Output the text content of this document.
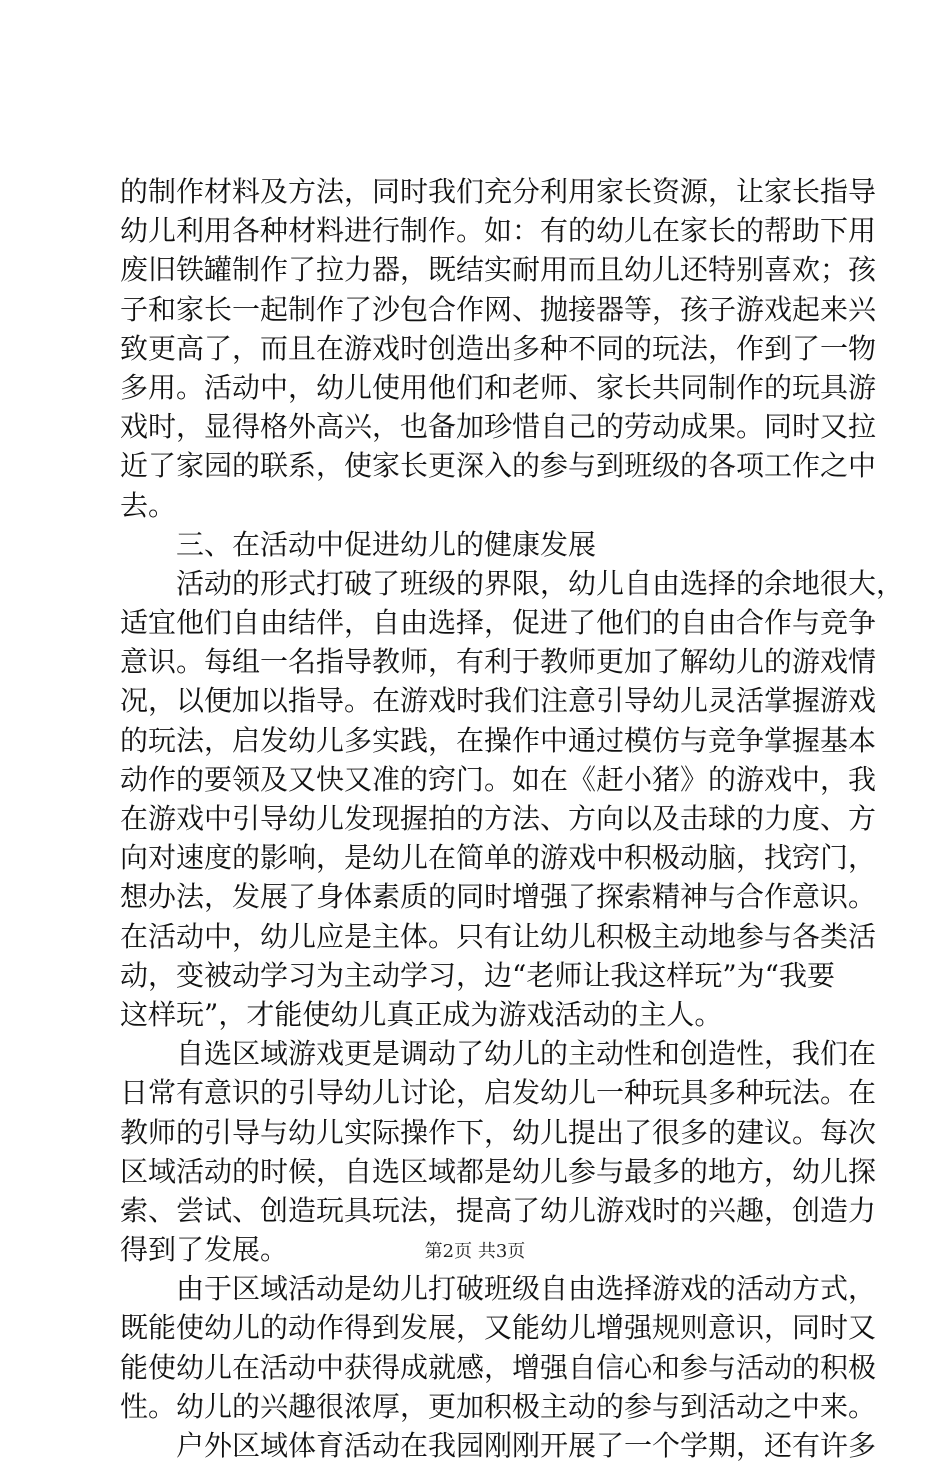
的制作材料及方法，同时我们充分利用家长资源，让家长指导
幼儿利用各种材料进行制作。如：有的幼儿在家长的帮助下用
废旧铁罐制作了拉力器，既结实耐用而且幼儿还特别喜欢；孩
子和家长一起制作了沙包合作网、抛接器等，孩子游戏起来兴
致更高了，而且在游戏时创造出多种不同的玩法，作到了一物
多用。活动中，幼儿使用他们和老师、家长共同制作的玩具游
戏时，显得格外高兴，也备加珍惜自己的劳动成果。同时又拉
近了家园的联系，使家长更深入的参与到班级的各项工作之中
去。
三、在活动中促进幼儿的健康发展
活动的形式打破了班级的界限，幼儿自由选择的余地很大，
适宜他们自由结伴，自由选择，促进了他们的自由合作与竞争
意识。每组一名指导教师，有利于教师更加了解幼儿的游戏情
况，以便加以指导。在游戏时我们注意引导幼儿灵活掌握游戏
的玩法，启发幼儿多实践，在操作中通过模仿与竞争掌握基本
动作的要领及又快又准的窍门。如在《赶小猪》的游戏中，我
在游戏中引导幼儿发现握拍的方法、方向以及击球的力度、方
向对速度的影响，是幼儿在简单的游戏中积极动脑，找窍门，
想办法，发展了身体素质的同时增强了探索精神与合作意识。
在活动中，幼儿应是主体。只有让幼儿积极主动地参与各类活
动，变被动学习为主动学习，边“老师让我这样玩”为“我要
这样玩”，才能使幼儿真正成为游戏活动的主人。
自选区域游戏更是调动了幼儿的主动性和创造性，我们在
日常有意识的引导幼儿讨论，启发幼儿一种玩具多种玩法。在
教师的引导与幼儿实际操作下，幼儿提出了很多的建议。每次
区域活动的时候，自选区域都是幼儿参与最多的地方，幼儿探
索、尝试、创造玩具玩法，提高了幼儿游戏时的兴趣，创造力
得到了发展。
由于区域活动是幼儿打破班级自由选择游戏的活动方式，
既能使幼儿的动作得到发展，又能幼儿增强规则意识，同时又
能使幼儿在活动中获得成就感，增强自信心和参与活动的积极
性。幼儿的兴趣很浓厚，更加积极主动的参与到活动之中来。
户外区域体育活动在我园刚刚开展了一个学期，还有许多
第2页 共3页
